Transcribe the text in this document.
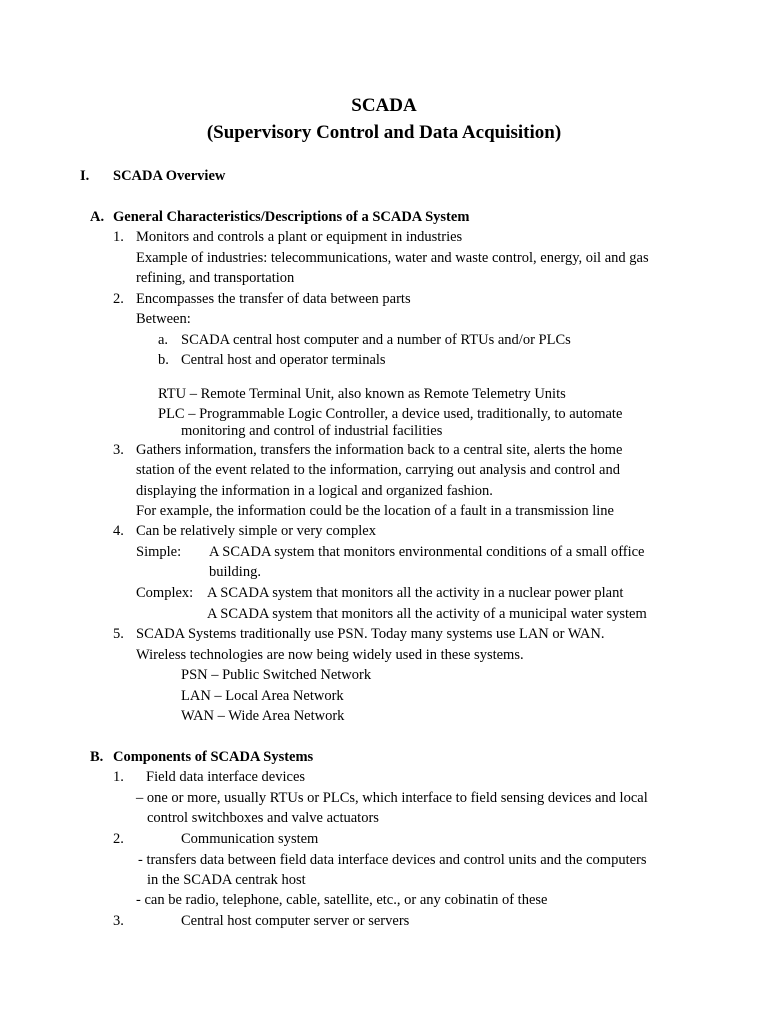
SCADA
(Supervisory Control and Data Acquisition)
I. SCADA Overview
A. General Characteristics/Descriptions of a SCADA System
1. Monitors and controls a plant or equipment in industries
Example of industries: telecommunications, water and waste control, energy, oil and gas
refining, and transportation
2. Encompasses the transfer of data between parts
Between:
a. SCADA central host computer and a number of RTUs and/or PLCs
b. Central host and operator terminals
RTU – Remote Terminal Unit, also known as Remote Telemetry Units
PLC – Programmable Logic Controller, a device used, traditionally, to automate
monitoring and control of industrial facilities
3. Gathers information, transfers the information back to a central site, alerts the home
station of the event related to the information, carrying out analysis and control and
displaying the information in a logical and organized fashion.
For example, the information could be the location of a fault in a transmission line
4. Can be relatively simple or very complex
Simple: A SCADA system that monitors environmental conditions of a small office
building.
Complex: A SCADA system that monitors all the activity in a nuclear power plant
A SCADA system that monitors all the activity of a municipal water system
5. SCADA Systems traditionally use PSN. Today many systems use LAN or WAN.
Wireless technologies are now being widely used in these systems.
PSN – Public Switched Network
LAN – Local Area Network
WAN – Wide Area Network
B. Components of SCADA Systems
1. Field data interface devices
– one or more, usually RTUs or PLCs, which interface to field sensing devices and local
control switchboxes and valve actuators
2.	Communication system
- transfers data between field data interface devices and control units and the computers
in the SCADA centrak host
- can be radio, telephone, cable, satellite, etc., or any cobinatin of these
3.	Central host computer server or servers
